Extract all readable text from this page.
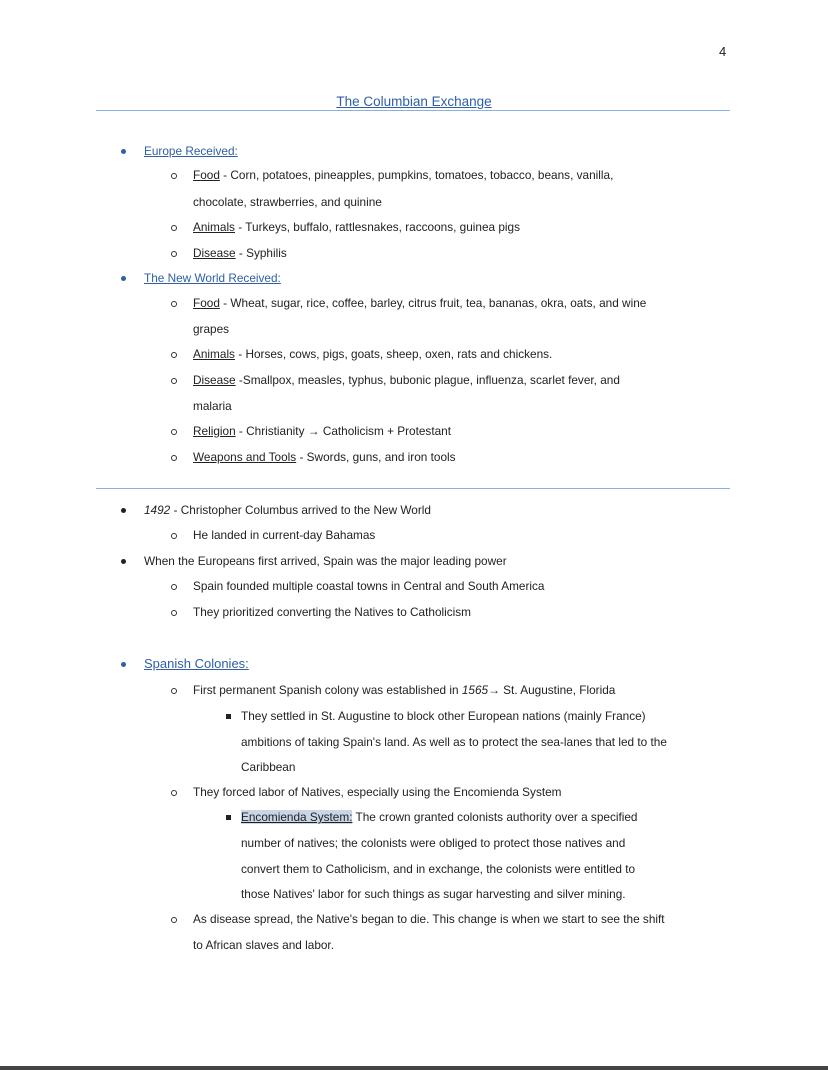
4
The Columbian Exchange
Europe Received:
Food - Corn, potatoes, pineapples, pumpkins, tomatoes, tobacco, beans, vanilla,
chocolate, strawberries, and quinine
Animals - Turkeys, buffalo, rattlesnakes, raccoons, guinea pigs
Disease - Syphilis
The New World Received:
Food - Wheat, sugar, rice, coffee, barley, citrus fruit, tea, bananas, okra, oats, and wine
grapes
Animals - Horses, cows, pigs, goats, sheep, oxen, rats and chickens.
Disease -Smallpox, measles, typhus, bubonic plague, influenza, scarlet fever, and
malaria
Religion - Christianity → Catholicism + Protestant
Weapons and Tools - Swords, guns, and iron tools
1492 - Christopher Columbus arrived to the New World
He landed in current-day Bahamas
When the Europeans first arrived, Spain was the major leading power
Spain founded multiple coastal towns in Central and South America
They prioritized converting the Natives to Catholicism
Spanish Colonies:
First permanent Spanish colony was established in 1565→ St. Augustine, Florida
They settled in St. Augustine to block other European nations (mainly France)
ambitions of taking Spain's land. As well as to protect the sea-lanes that led to the
Caribbean
They forced labor of Natives, especially using the Encomienda System
Encomienda System: The crown granted colonists authority over a specified
number of natives; the colonists were obliged to protect those natives and
convert them to Catholicism, and in exchange, the colonists were entitled to
those Natives' labor for such things as sugar harvesting and silver mining.
As disease spread, the Native's began to die. This change is when we start to see the shift
to African slaves and labor.
